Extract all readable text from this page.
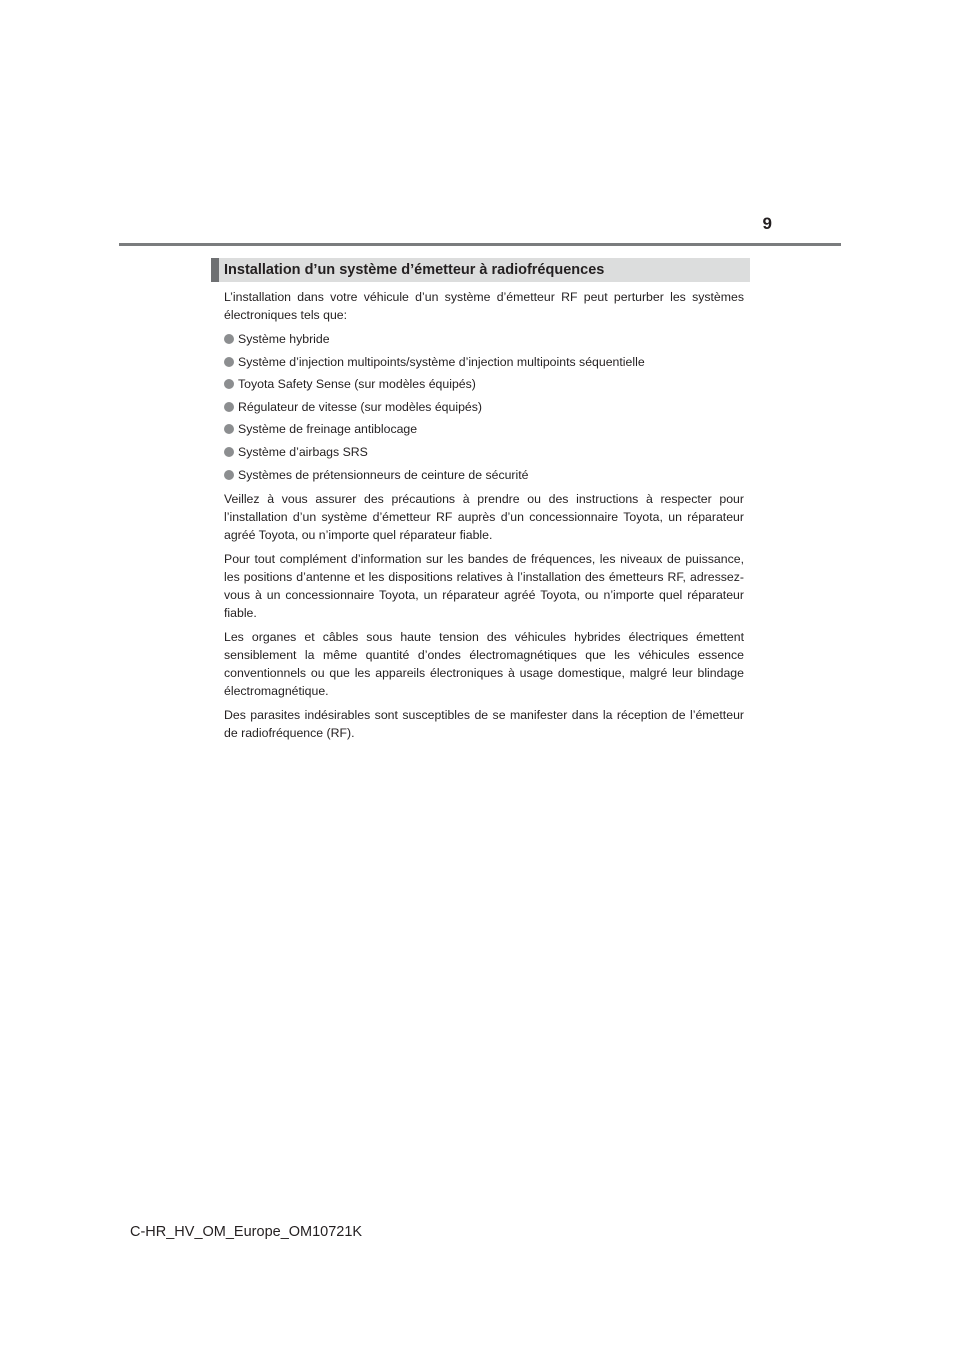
9
Installation d’un système d’émetteur à radiofréquences

L’installation dans votre véhicule d’un système d’émetteur RF peut perturber les systèmes électroniques tels que:

Système hybride
Système d’injection multipoints/système d’injection multipoints séquentielle
Toyota Safety Sense (sur modèles équipés)
Régulateur de vitesse (sur modèles équipés)
Système de freinage antiblocage
Système d’airbags SRS
Systèmes de prétensionneurs de ceinture de sécurité

Veillez à vous assurer des précautions à prendre ou des instructions à respecter pour l’installation d’un système d’émetteur RF auprès d’un concessionnaire Toyota, un réparateur agréé Toyota, ou n’importe quel réparateur fiable.

Pour tout complément d’information sur les bandes de fréquences, les niveaux de puissance, les positions d’antenne et les dispositions relatives à l’installation des émetteurs RF, adressez-vous à un concessionnaire Toyota, un réparateur agréé Toyota, ou n’importe quel réparateur fiable.

Les organes et câbles sous haute tension des véhicules hybrides électriques émettent sensiblement la même quantité d’ondes électromagnétiques que les véhicules essence conventionnels ou que les appareils électroniques à usage domestique, malgré leur blindage électromagnétique.

Des parasites indésirables sont susceptibles de se manifester dans la réception de l’émetteur de radiofréquence (RF).

C-HR_HV_OM_Europe_OM10721K
